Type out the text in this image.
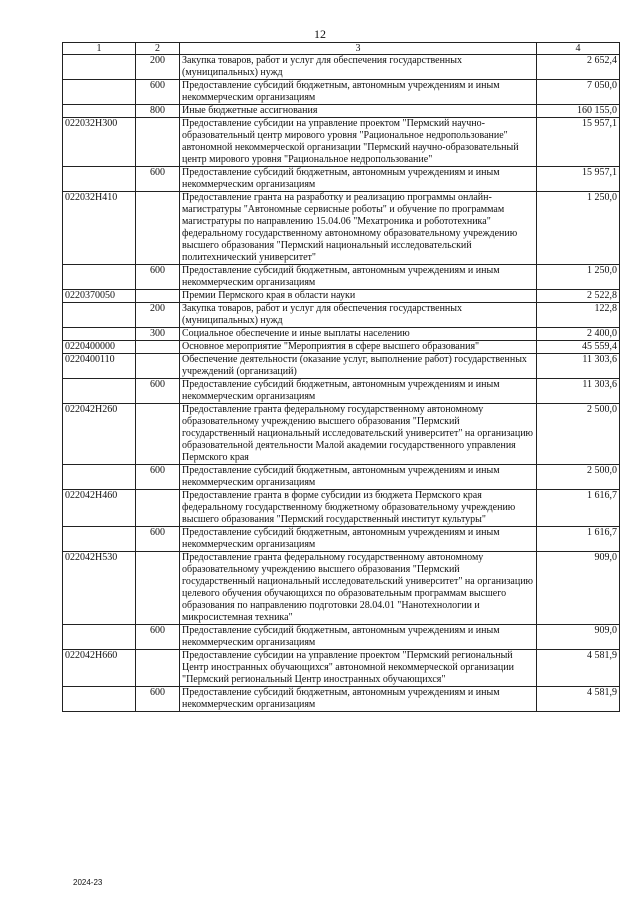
12
1	2	3	4
	200	Закупка товаров, работ и услуг для обеспечения государственных (муниципальных) нужд	2 652,4
	600	Предоставление субсидий бюджетным, автономным учреждениям и иным некоммерческим организациям	7 050,0
	800	Иные бюджетные ассигнования	160 155,0
022032Н300		Предоставление субсидии на управление проектом "Пермский научно-образовательный центр мирового уровня "Рациональное недропользование" автономной некоммерческой организации "Пермский научно-образовательный центр мирового уровня "Рациональное недропользование"	15 957,1
	600	Предоставление субсидий бюджетным, автономным учреждениям и иным некоммерческим организациям	15 957,1
022032Н410		Предоставление гранта на разработку и реализацию программы онлайн-магистратуры "Автономные сервисные роботы" и обучение по программам магистратуры по направлению 15.04.06 "Мехатроника и робототехника" федеральному государственному автономному образовательному учреждению высшего образования "Пермский национальный исследовательский политехнический университет"	1 250,0
	600	Предоставление субсидий бюджетным, автономным учреждениям и иным некоммерческим организациям	1 250,0
0220370050		Премии Пермского края в области науки	2 522,8
	200	Закупка товаров, работ и услуг для обеспечения государственных (муниципальных) нужд	122,8
	300	Социальное обеспечение и иные выплаты населению	2 400,0
0220400000		Основное мероприятие "Мероприятия в сфере высшего образования"	45 559,4
0220400110		Обеспечение деятельности (оказание услуг, выполнение работ) государственных учреждений (организаций)	11 303,6
	600	Предоставление субсидий бюджетным, автономным учреждениям и иным некоммерческим организациям	11 303,6
022042Н260		Предоставление гранта федеральному государственному автономному образовательному учреждению высшего образования "Пермский государственный национальный исследовательский университет" на организацию образовательной деятельности Малой академии государственного управления Пермского края	2 500,0
	600	Предоставление субсидий бюджетным, автономным учреждениям и иным некоммерческим организациям	2 500,0
022042Н460		Предоставление гранта в форме субсидии из бюджета Пермского края федеральному государственному бюджетному образовательному учреждению высшего образования "Пермский государственный институт культуры"	1 616,7
	600	Предоставление субсидий бюджетным, автономным учреждениям и иным некоммерческим организациям	1 616,7
022042Н530		Предоставление гранта федеральному государственному автономному образовательному учреждению высшего образования "Пермский государственный национальный исследовательский университет" на организацию целевого обучения обучающихся по образовательным программам высшего образования по направлению подготовки 28.04.01 "Нанотехнологии и микросистемная техника"	909,0
	600	Предоставление субсидий бюджетным, автономным учреждениям и иным некоммерческим организациям	909,0
022042Н660		Предоставление субсидии на управление проектом "Пермский региональный Центр иностранных обучающихся" автономной некоммерческой организации "Пермский региональный Центр иностранных обучающихся"	4 581,9
	600	Предоставление субсидий бюджетным, автономным учреждениям и иным некоммерческим организациям	4 581,9
2024-23
